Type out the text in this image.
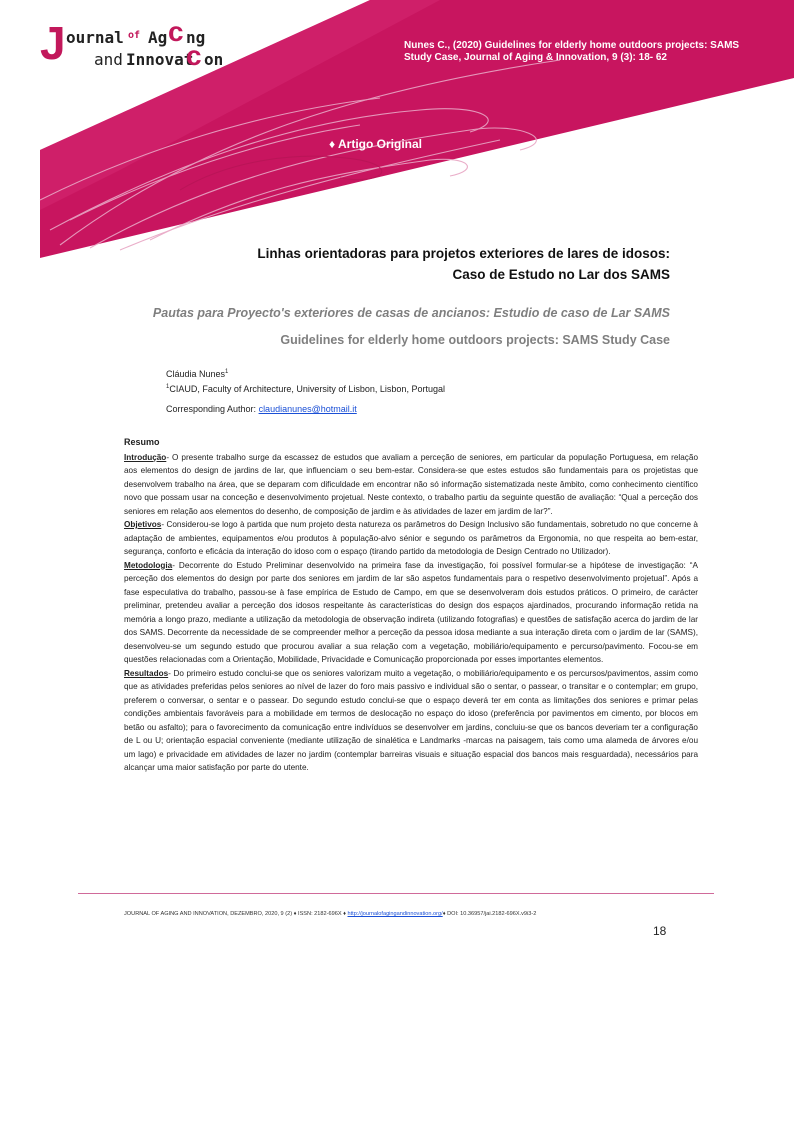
J ournal of Ag c ng
and Innovat
c on
Nunes C., (2020) Guidelines for elderly home outdoors projects: SAMS Study Case, Journal of Aging & Innovation, 9 (3): 18- 62
♦ Artigo Original
Linhas orientadoras para projetos exteriores de lares de idosos:
Caso de Estudo no Lar dos SAMS
Pautas para Proyecto's exteriores de casas de ancianos: Estudio de caso de Lar SAMS
Guidelines for elderly home outdoors projects: SAMS Study Case
Cláudia Nunes$^1$
$^1$CIAUD, Faculty of Architecture, University of Lisbon, Lisbon, Portugal
Corresponding Author: claudianunes@hotmail.it
Resumo

Introdução- O presente trabalho surge da escassez de estudos que avaliam a perceção de seniores, em particular da população Portuguesa, em relação aos elementos do design de jardins de lar, que influenciam o seu bem-estar. Considera-se que estes estudos são fundamentais para os projetistas que desenvolvem trabalho na área, que se deparam com dificuldade em encontrar não só informação sistematizada neste âmbito, como conhecimento científico novo que possam usar na conceção e desenvolvimento projetual. Neste contexto, o trabalho partiu da seguinte questão de avaliação: “Qual a perceção dos seniores em relação aos elementos do desenho, de composição de jardim e às atividades de lazer em jardim de lar?”.

Objetivos- Considerou-se logo à partida que num projeto desta natureza os parâmetros do Design Inclusivo são fundamentais, sobretudo no que concerne à adaptação de ambientes, equipamentos e/ou produtos à população-alvo sénior e segundo os parâmetros da Ergonomia, no que respeita ao bem-estar, segurança, conforto e eficácia da interação do idoso com o espaço (tirando partido da metodologia de Design Centrado no Utilizador).

Metodologia- Decorrente do Estudo Preliminar desenvolvido na primeira fase da investigação, foi possível formular-se a hipótese de investigação: “A perceção dos elementos do design por parte dos seniores em jardim de lar são aspetos fundamentais para o respetivo desenvolvimento projetual”. Após a fase especulativa do trabalho, passou-se à fase empírica de Estudo de Campo, em que se desenvolveram dois estudos práticos. O primeiro, de carácter preliminar, pretendeu avaliar a perceção dos idosos respeitante às características do design dos espaços ajardinados, procurando informação retida na memória a longo prazo, mediante a utilização da metodologia de observação indireta (utilizando fotografias) e questões de satisfação acerca do jardim de lar dos SAMS. Decorrente da necessidade de se compreender melhor a perceção da pessoa idosa mediante a sua interação direta com o jardim de lar (SAMS), desenvolveu-se um segundo estudo que procurou avaliar a sua relação com a vegetação, mobiliário/equipamento e percurso/pavimento. Focou-se em questões relacionadas com a Orientação, Mobilidade, Privacidade e Comunicação proporcionada por esses importantes elementos.

Resultados- Do primeiro estudo conclui-se que os seniores valorizam muito a vegetação, o mobiliário/equipamento e os percursos/pavimentos, assim como que as atividades preferidas pelos seniores ao nível de lazer do foro mais passivo e individual são o sentar, o passear, o transitar e o contemplar; em grupo, preferem o conversar, o sentar e o passear. Do segundo estudo conclui-se que o espaço deverá ter em conta as limitações dos seniores e primar pelas condições ambientais favoráveis para a mobilidade em termos de deslocação no espaço do idoso (preferência por pavimentos em cimento, por blocos em betão ou asfalto); para o favorecimento da comunicação entre indivíduos se desenvolver em jardins, concluiu-se que os bancos deveriam ter a configuração de L ou U; orientação espacial conveniente (mediante utilização de sinalética e Landmarks -marcas na paisagem, tais como uma alameda de árvores e/ou um lago) e privacidade em atividades de lazer no jardim (contemplar barreiras visuais e situação espacial dos bancos mais resguardada), necessários para alcançar uma maior satisfação por parte do utente.

JOURNAL OF AGING AND INNOVATION, DEZEMBRO, 2020, 9 (2) ♦ ISSN: 2182-696X ♦ http://journalofagingandinnovation.org/♦ DOI: 10.36957/jai.2182-696X.v9i3-2
18
